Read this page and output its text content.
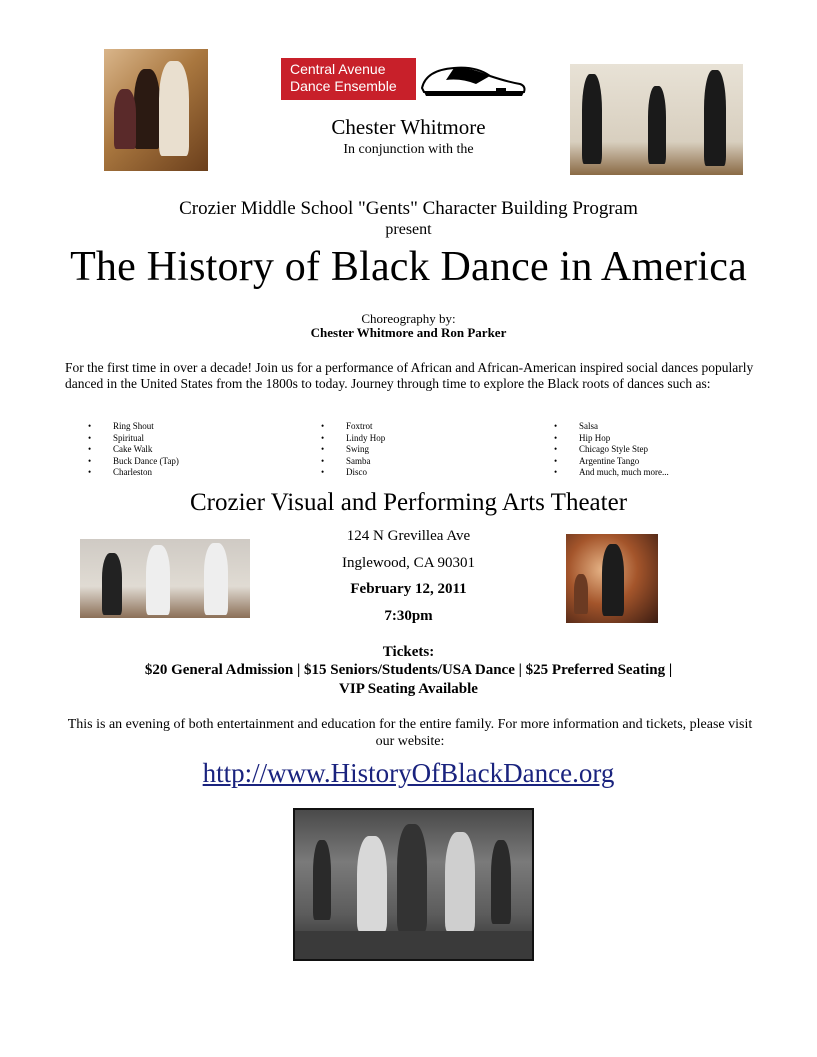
Central Avenue
Dance Ensemble
Chester Whitmore
In conjunction with the
Crozier Middle School "Gents" Character Building Program
present
The History of Black Dance in America
Choreography by:
Chester Whitmore and Ron Parker
For the first time in over a decade! Join us for a performance of African and African-American inspired social dances popularly danced in the United States from the 1800s to today. Journey through time to explore the Black roots of dances such as:
• Ring Shout
• Spiritual
• Cake Walk
• Buck Dance (Tap)
• Charleston
• Foxtrot
• Lindy Hop
• Swing
• Samba
• Disco
• Salsa
• Hip Hop
• Chicago Style Step
• Argentine Tango
• And much, much more...
Crozier Visual and Performing Arts Theater
124 N Grevillea Ave
Inglewood, CA 90301
February 12, 2011
7:30pm
Tickets:
$20 General Admission | $15 Seniors/Students/USA Dance | $25 Preferred Seating |
VIP Seating Available
This is an evening of both entertainment and education for the entire family. For more information and tickets, please visit our website:
http://www.HistoryOfBlackDance.org
